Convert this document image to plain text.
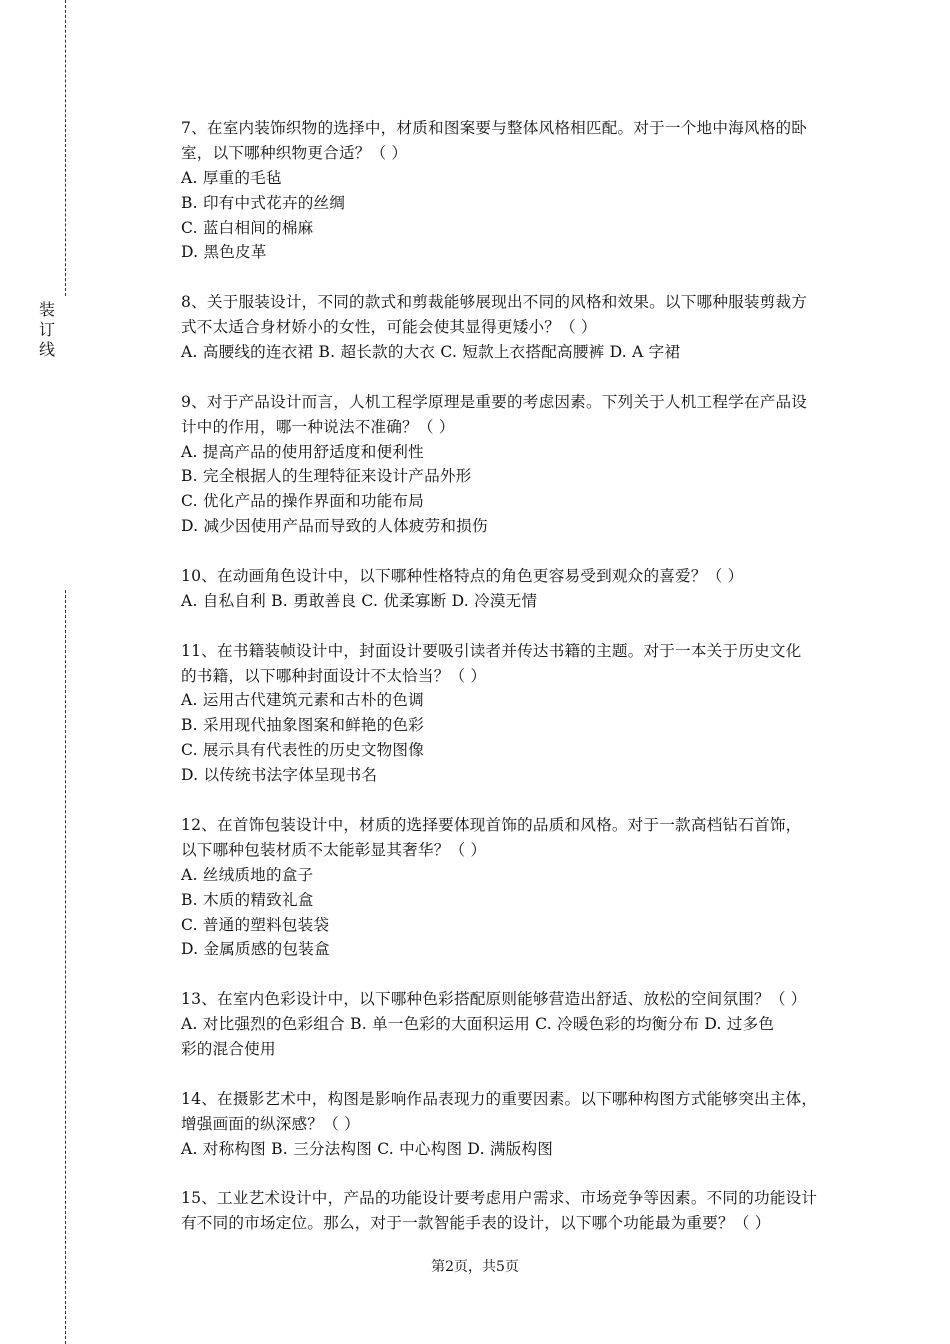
装订线
7、在室内装饰织物的选择中，材质和图案要与整体风格相匹配。对于一个地中海风格的卧
室，以下哪种织物更合适？（ ）
A. 厚重的毛毡
B. 印有中式花卉的丝绸
C. 蓝白相间的棉麻
D. 黑色皮革
8、关于服装设计，不同的款式和剪裁能够展现出不同的风格和效果。以下哪种服装剪裁方
式不太适合身材娇小的女性，可能会使其显得更矮小？（ ）
A. 高腰线的连衣裙 B. 超长款的大衣 C. 短款上衣搭配高腰裤 D. A 字裙
9、对于产品设计而言，人机工程学原理是重要的考虑因素。下列关于人机工程学在产品设
计中的作用，哪一种说法不准确？（ ）
A. 提高产品的使用舒适度和便利性
B. 完全根据人的生理特征来设计产品外形
C. 优化产品的操作界面和功能布局
D. 减少因使用产品而导致的人体疲劳和损伤
10、在动画角色设计中，以下哪种性格特点的角色更容易受到观众的喜爱？（ ）
A. 自私自利 B. 勇敢善良 C. 优柔寡断 D. 冷漠无情
11、在书籍装帧设计中，封面设计要吸引读者并传达书籍的主题。对于一本关于历史文化
的书籍，以下哪种封面设计不太恰当？（ ）
A. 运用古代建筑元素和古朴的色调
B. 采用现代抽象图案和鲜艳的色彩
C. 展示具有代表性的历史文物图像
D. 以传统书法字体呈现书名
12、在首饰包装设计中，材质的选择要体现首饰的品质和风格。对于一款高档钻石首饰，
以下哪种包装材质不太能彰显其奢华？（ ）
A. 丝绒质地的盒子
B. 木质的精致礼盒
C. 普通的塑料包装袋
D. 金属质感的包装盒
13、在室内色彩设计中，以下哪种色彩搭配原则能够营造出舒适、放松的空间氛围？（ ）
A. 对比强烈的色彩组合 B. 单一色彩的大面积运用 C. 冷暖色彩的均衡分布 D. 过多色
彩的混合使用
14、在摄影艺术中，构图是影响作品表现力的重要因素。以下哪种构图方式能够突出主体，
增强画面的纵深感？（ ）
A. 对称构图 B. 三分法构图 C. 中心构图 D. 满版构图
15、工业艺术设计中，产品的功能设计要考虑用户需求、市场竞争等因素。不同的功能设计
有不同的市场定位。那么，对于一款智能手表的设计，以下哪个功能最为重要？（ ）
第2页，共5页
